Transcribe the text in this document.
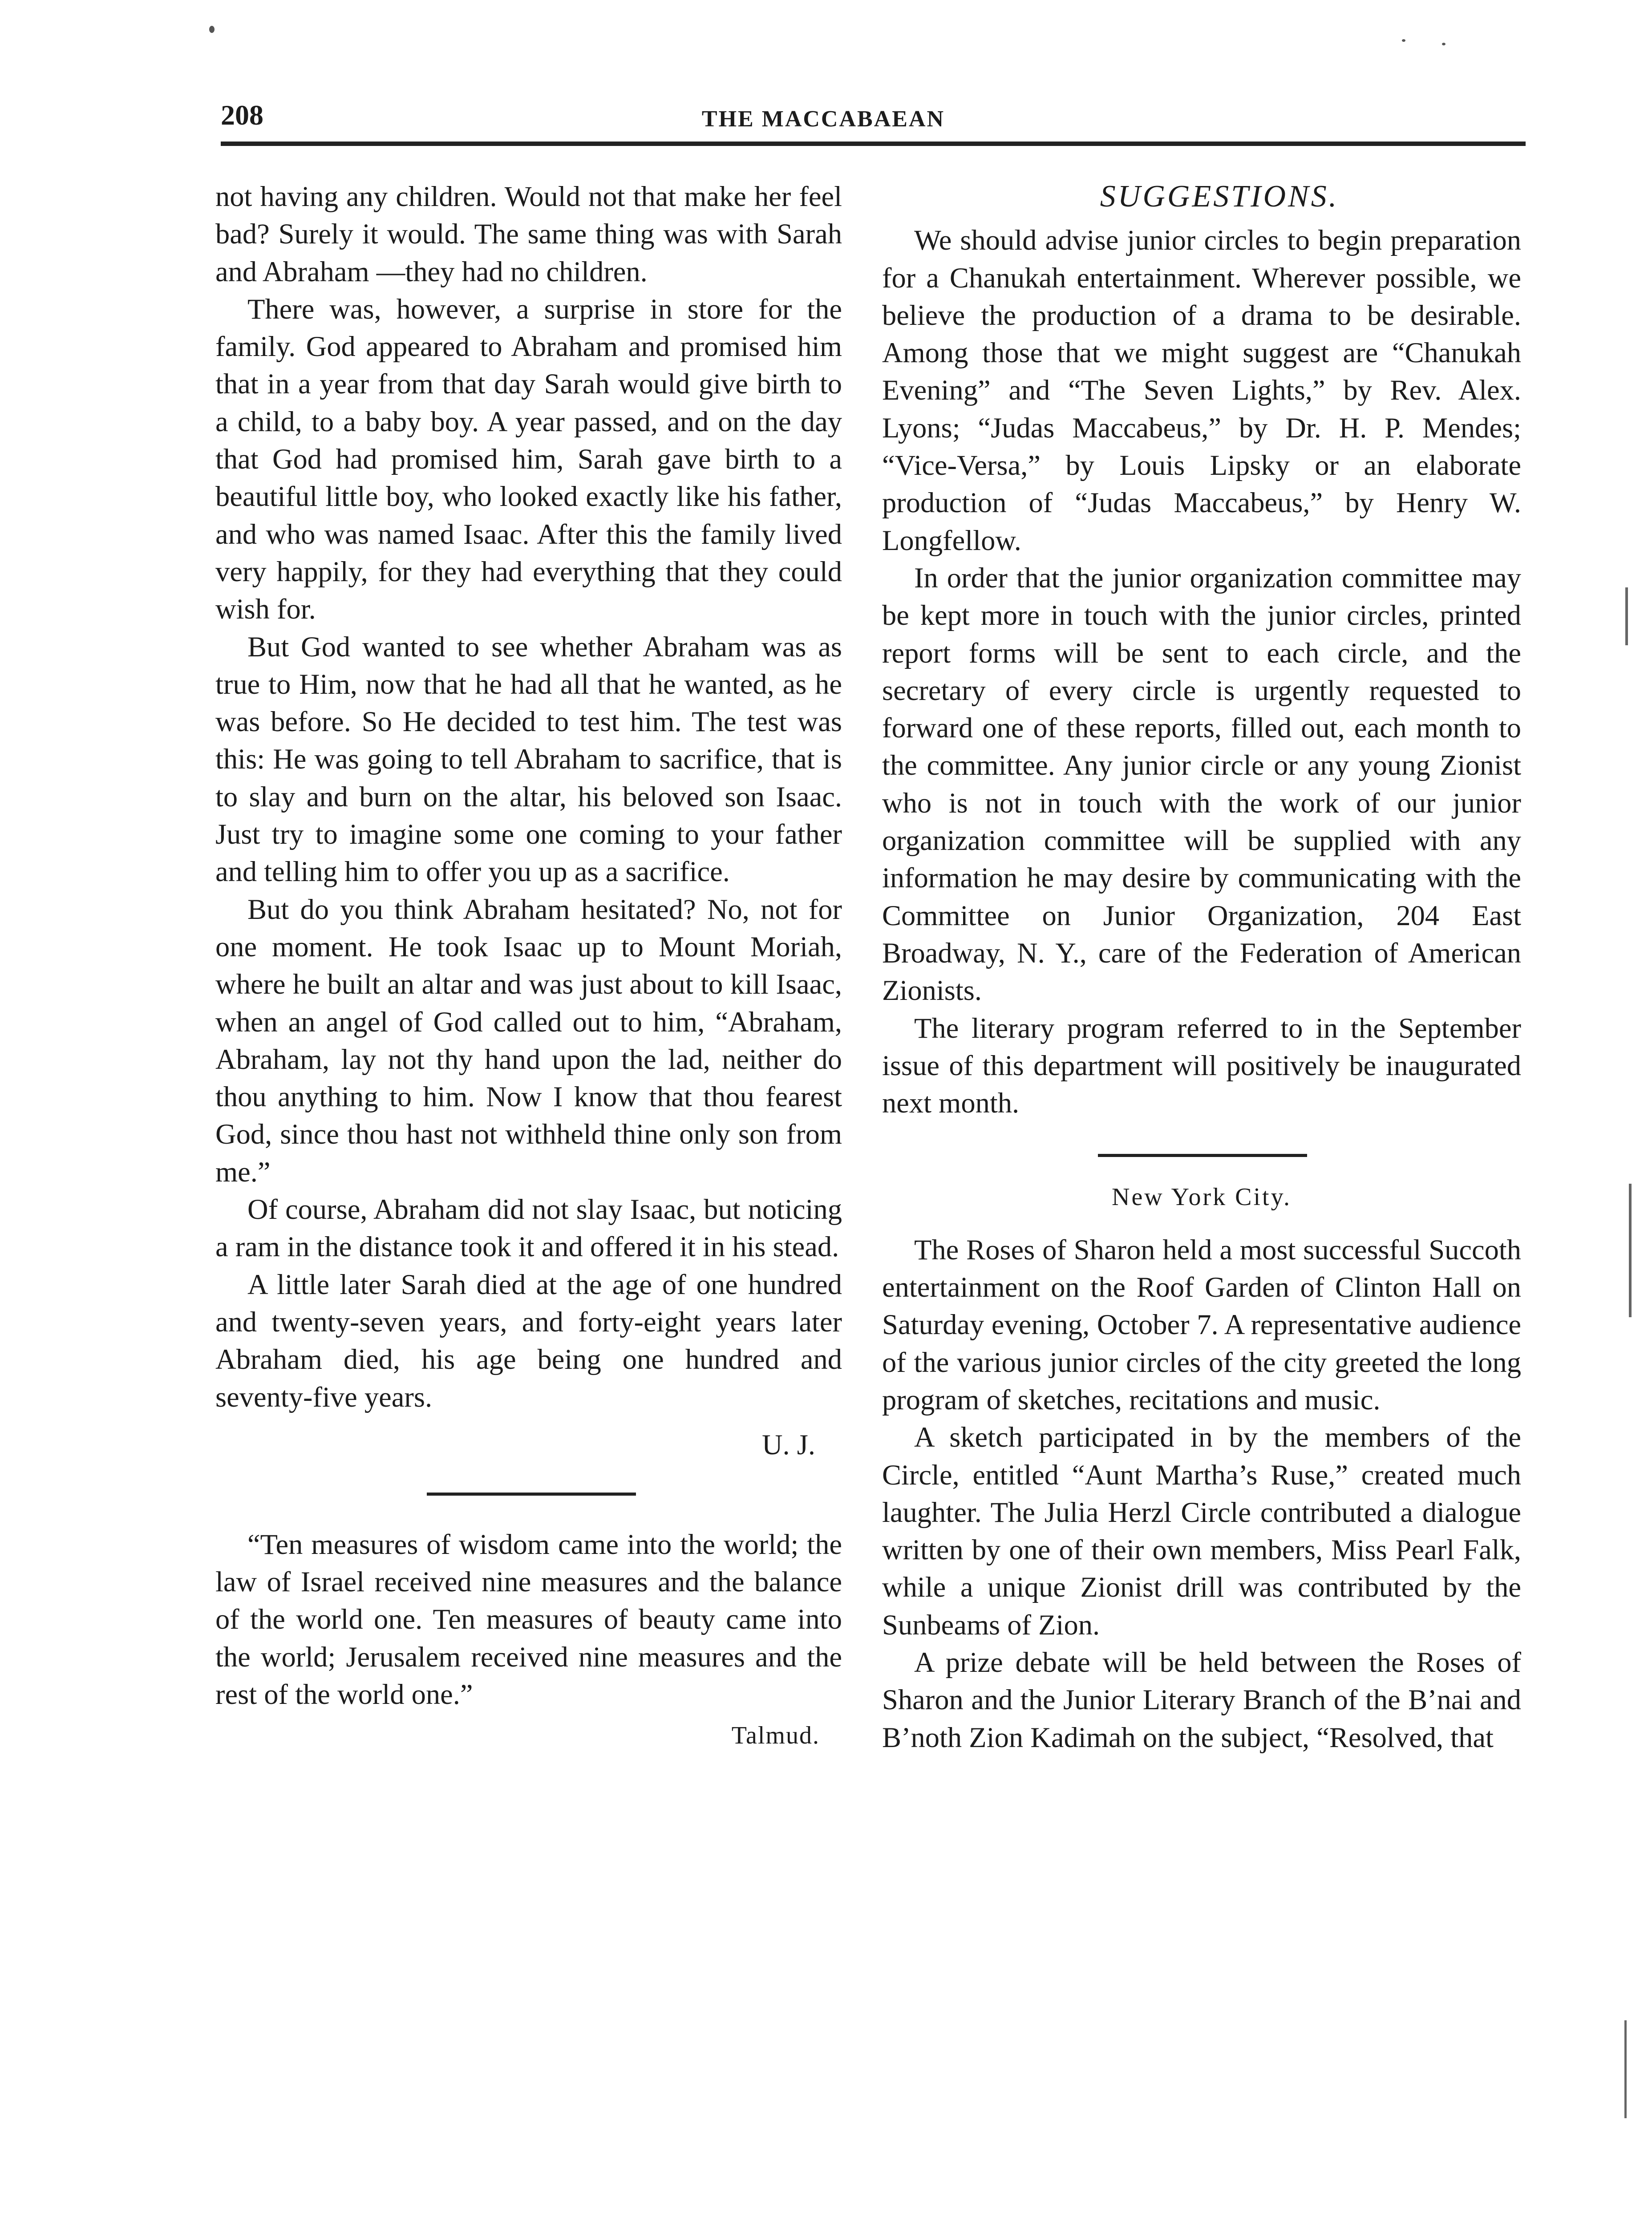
208	THE MACCABAEAN

not having any children. Would not that make her feel bad? Surely it would. The same thing was with Sarah and Abraham —they had no children.

There was, however, a surprise in store for the family. God appeared to Abraham and promised him that in a year from that day Sarah would give birth to a child, to a baby boy. A year passed, and on the day that God had promised him, Sarah gave birth to a beautiful little boy, who looked exactly like his father, and who was named Isaac. After this the family lived very happily, for they had everything that they could wish for.

But God wanted to see whether Abraham was as true to Him, now that he had all that he wanted, as he was before. So He decided to test him. The test was this: He was going to tell Abraham to sacrifice, that is to slay and burn on the altar, his beloved son Isaac. Just try to imagine some one coming to your father and telling him to offer you up as a sacrifice.

But do you think Abraham hesitated? No, not for one moment. He took Isaac up to Mount Moriah, where he built an altar and was just about to kill Isaac, when an angel of God called out to him, “Abraham, Abraham, lay not thy hand upon the lad, neither do thou anything to him. Now I know that thou fearest God, since thou hast not withheld thine only son from me.”

Of course, Abraham did not slay Isaac, but noticing a ram in the distance took it and offered it in his stead.

A little later Sarah died at the age of one hundred and twenty-seven years, and forty-eight years later Abraham died, his age being one hundred and seventy-five years.

U. J.

“Ten measures of wisdom came into the world; the law of Israel received nine measures and the balance of the world one. Ten measures of beauty came into the world; Jerusalem received nine measures and the rest of the world one.”

Talmud.
SUGGESTIONS.

We should advise junior circles to begin preparation for a Chanukah entertainment. Wherever possible, we believe the production of a drama to be desirable. Among those that we might suggest are “Chanukah Evening” and “The Seven Lights,” by Rev. Alex. Lyons; “Judas Maccabeus,” by Dr. H. P. Mendes; “Vice-Versa,” by Louis Lipsky or an elaborate production of “Judas Maccabeus,” by Henry W. Longfellow.

In order that the junior organization committee may be kept more in touch with the junior circles, printed report forms will be sent to each circle, and the secretary of every circle is urgently requested to forward one of these reports, filled out, each month to the committee. Any junior circle or any young Zionist who is not in touch with the work of our junior organization committee will be supplied with any information he may desire by communicating with the Committee on Junior Organization, 204 East Broadway, N. Y., care of the Federation of American Zionists.

The literary program referred to in the September issue of this department will positively be inaugurated next month.

New York City.

The Roses of Sharon held a most successful Succoth entertainment on the Roof Garden of Clinton Hall on Saturday evening, October 7. A representative audience of the various junior circles of the city greeted the long program of sketches, recitations and music.

A sketch participated in by the members of the Circle, entitled “Aunt Martha’s Ruse,” created much laughter. The Julia Herzl Circle contributed a dialogue written by one of their own members, Miss Pearl Falk, while a unique Zionist drill was contributed by the Sunbeams of Zion.

A prize debate will be held between the Roses of Sharon and the Junior Literary Branch of the B’nai and B’noth Zion Kadimah on the subject, “Resolved, that
